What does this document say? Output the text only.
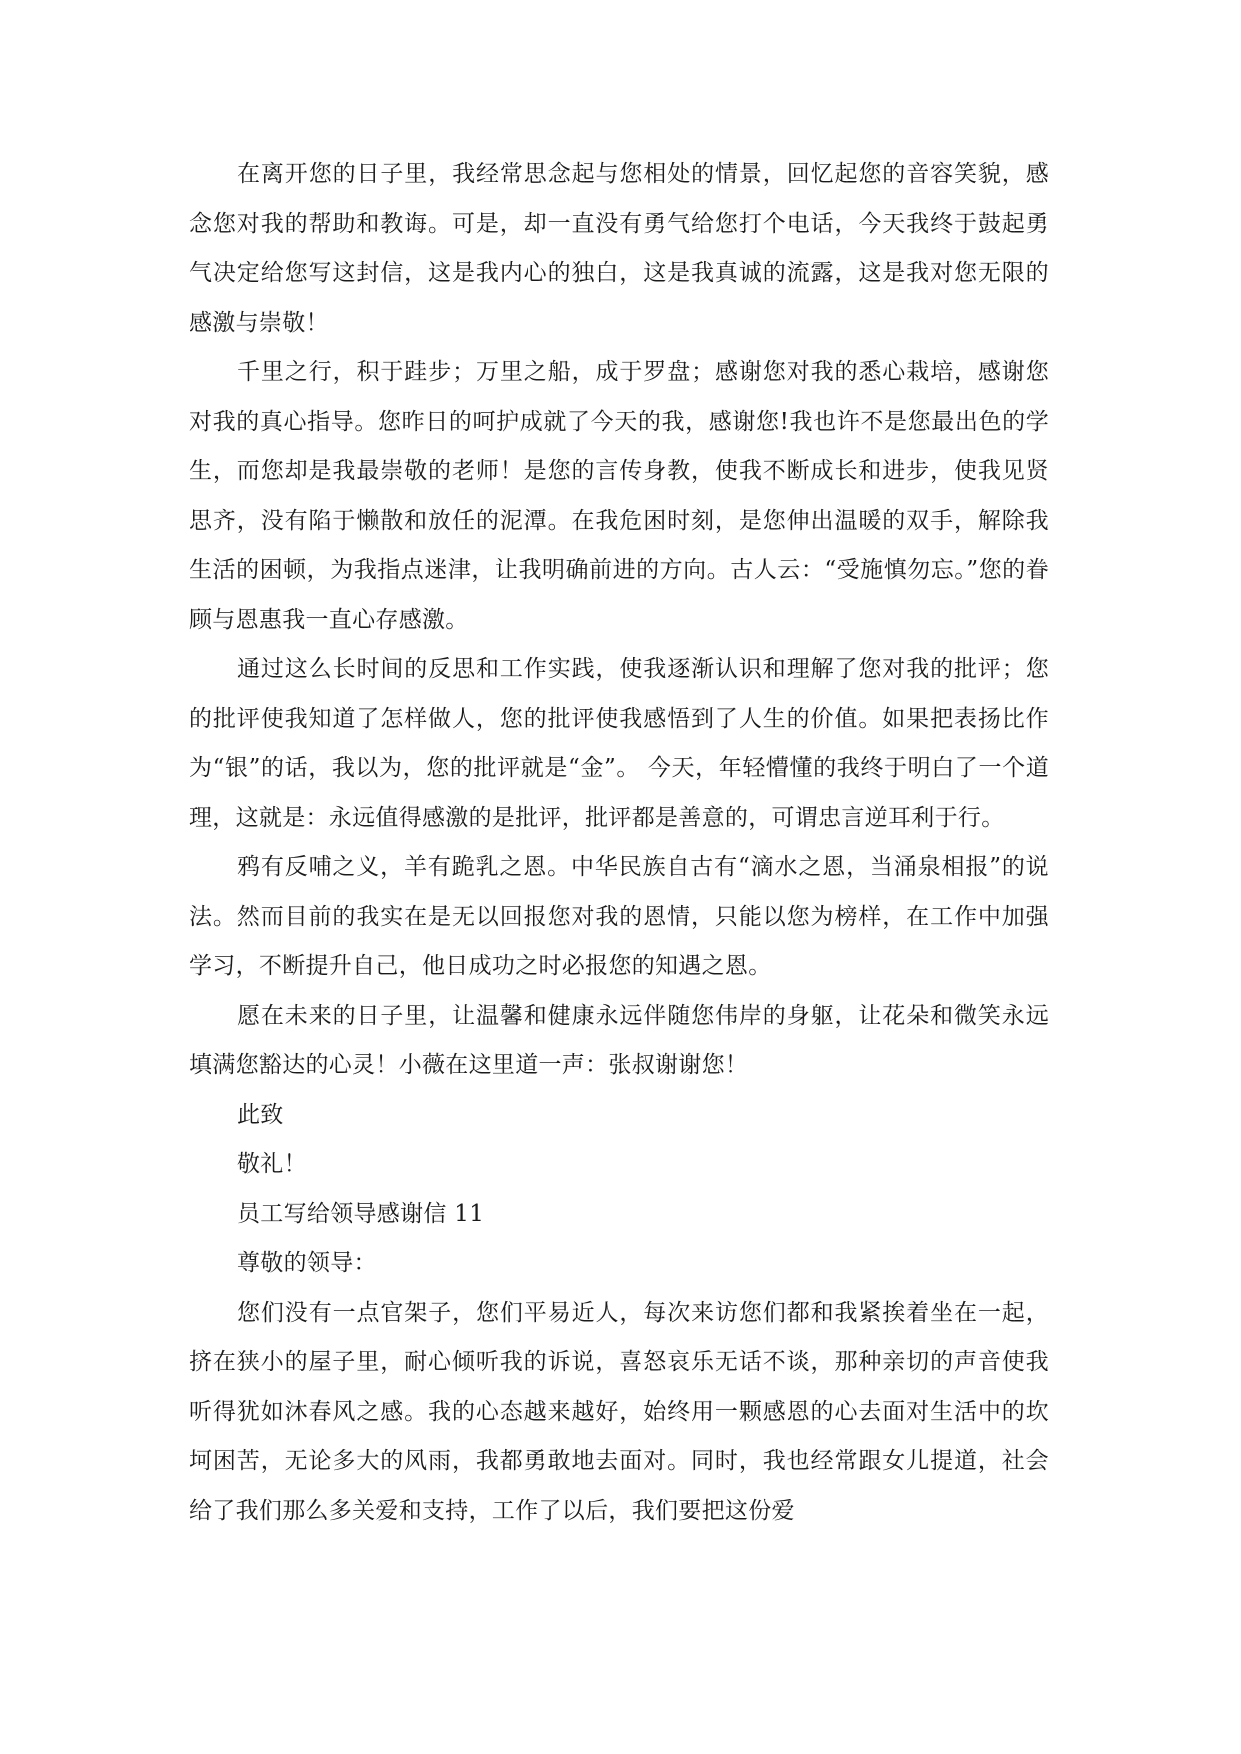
在离开您的日子里，我经常思念起与您相处的情景，回忆起您的音容笑貌，感念您对我的帮助和教诲。可是，却一直没有勇气给您打个电话，今天我终于鼓起勇气决定给您写这封信，这是我内心的独白，这是我真诚的流露，这是我对您无限的感激与崇敬！

千里之行，积于跬步；万里之船，成于罗盘；感谢您对我的悉心栽培，感谢您对我的真心指导。您昨日的呵护成就了今天的我，感谢您!我也许不是您最出色的学生，而您却是我最崇敬的老师！是您的言传身教，使我不断成长和进步，使我见贤思齐，没有陷于懒散和放任的泥潭。在我危困时刻，是您伸出温暖的双手，解除我生活的困顿，为我指点迷津，让我明确前进的方向。古人云：“受施慎勿忘。”您的眷顾与恩惠我一直心存感激。

通过这么长时间的反思和工作实践，使我逐渐认识和理解了您对我的批评；您的批评使我知道了怎样做人，您的批评使我感悟到了人生的价值。如果把表扬比作为“银”的话，我以为，您的批评就是“金”。 今天，年轻懵懂的我终于明白了一个道理，这就是：永远值得感激的是批评，批评都是善意的，可谓忠言逆耳利于行。

鸦有反哺之义，羊有跪乳之恩。中华民族自古有“滴水之恩，当涌泉相报”的说法。然而目前的我实在是无以回报您对我的恩情，只能以您为榜样，在工作中加强学习，不断提升自己，他日成功之时必报您的知遇之恩。

愿在未来的日子里，让温馨和健康永远伴随您伟岸的身躯，让花朵和微笑永远填满您豁达的心灵！小薇在这里道一声：张叔谢谢您！

此致

敬礼！

员工写给领导感谢信 11

尊敬的领导：

您们没有一点官架子，您们平易近人，每次来访您们都和我紧挨着坐在一起，挤在狭小的屋子里，耐心倾听我的诉说，喜怒哀乐无话不谈，那种亲切的声音使我听得犹如沐春风之感。我的心态越来越好，始终用一颗感恩的心去面对生活中的坎坷困苦，无论多大的风雨，我都勇敢地去面对。同时，我也经常跟女儿提道，社会给了我们那么多关爱和支持，工作了以后，我们要把这份爱
